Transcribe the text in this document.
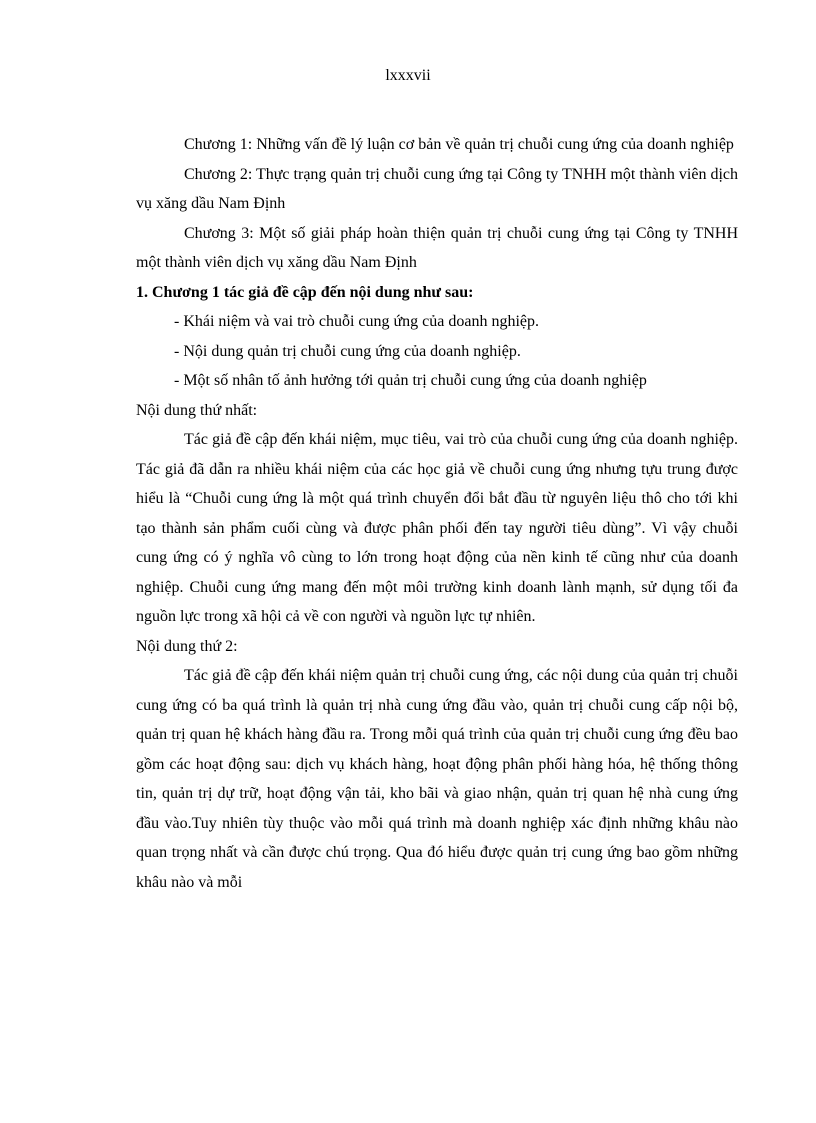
lxxxvii

Chương 1: Những vấn đề lý luận cơ bản về quản trị chuỗi cung ứng của doanh nghiệp

Chương 2: Thực trạng quản trị chuỗi cung ứng tại Công ty TNHH một thành viên dịch vụ xăng dầu Nam Định

Chương 3: Một số giải pháp hoàn thiện quản trị chuỗi cung ứng tại Công ty TNHH một thành viên dịch vụ xăng dầu Nam Định

1. Chương 1 tác giả đề cập đến nội dung như sau:

- Khái niệm và vai trò chuỗi cung ứng của doanh nghiệp.

- Nội dung quản trị chuỗi cung ứng của doanh nghiệp.

- Một số nhân tố ảnh hưởng tới quản trị chuỗi cung ứng của doanh nghiệp

Nội dung thứ nhất:

Tác giả đề cập đến khái niệm, mục tiêu, vai trò của chuỗi cung ứng của doanh nghiệp. Tác giả đã dẫn ra nhiều khái niệm của các học giả về chuỗi cung ứng nhưng tựu trung được hiểu là “Chuỗi cung ứng là một quá trình chuyển đổi bắt đầu từ nguyên liệu thô cho tới khi tạo thành sản phẩm cuối cùng và được phân phối đến tay người tiêu dùng”. Vì vậy chuỗi cung ứng có ý nghĩa vô cùng to lớn trong hoạt động của nền kinh tế cũng như của doanh nghiệp. Chuỗi cung ứng mang đến một môi trường kinh doanh lành mạnh, sử dụng tối đa nguồn lực trong xã hội cả về con người và nguồn lực tự nhiên.

Nội dung thứ 2:

Tác giả đề cập đến khái niệm quản trị chuỗi cung ứng, các nội dung của quản trị chuỗi cung ứng có ba quá trình là quản trị nhà cung ứng đầu vào, quản trị chuỗi cung cấp nội bộ, quản trị quan hệ khách hàng đầu ra. Trong mỗi quá trình của quản trị chuỗi cung ứng đều bao gồm các hoạt động sau: dịch vụ khách hàng, hoạt động phân phối hàng hóa, hệ thống thông tin, quản trị dự trữ, hoạt động vận tải, kho bãi và giao nhận, quản trị quan hệ nhà cung ứng đầu vào.Tuy nhiên tùy thuộc vào mỗi quá trình mà doanh nghiệp xác định những khâu nào quan trọng nhất và cần được chú trọng. Qua đó hiểu được quản trị cung ứng bao gồm những khâu nào và mỗi
